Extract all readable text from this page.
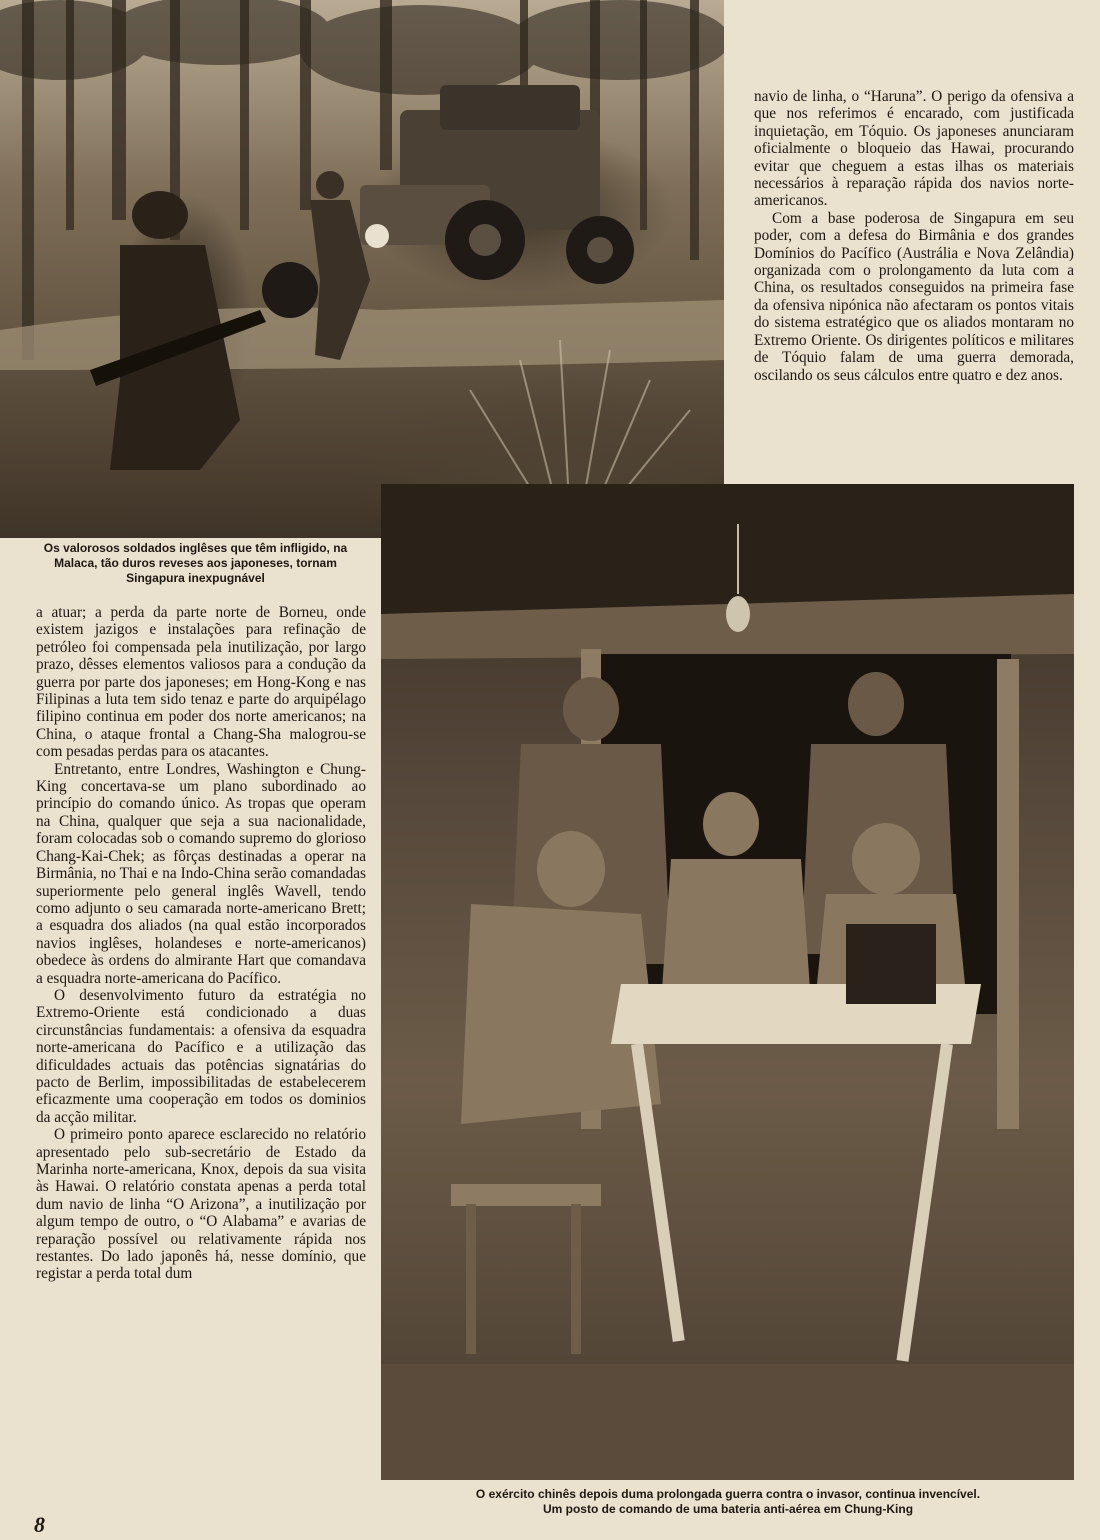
Os valorosos soldados inglêses que têm infligido, na Malaca, tão duros reveses aos japoneses, tornam Singapura inexpugnável

navio de linha, o “Haruna”. O perigo da ofensiva a que nos referimos é encarado, com justificada inquietação, em Tóquio. Os japoneses anunciaram oficialmente o bloqueio das Hawai, procurando evitar que cheguem a estas ilhas os materiais necessários à reparação rápida dos navios norte-americanos.

Com a base poderosa de Singapura em seu poder, com a defesa do Birmânia e dos grandes Domínios do Pacífico (Austrália e Nova Zelândia) organizada com o prolongamento da luta com a China, os resultados conseguidos na primeira fase da ofensiva nipónica não afectaram os pontos vitais do sistema estratégico que os aliados montaram no Extremo Oriente. Os dirigentes políticos e militares de Tóquio falam de uma guerra demorada, oscilando os seus cálculos entre quatro e dez anos.

a atuar; a perda da parte norte de Borneu, onde existem jazigos e instalações para refinação de petróleo foi compensada pela inutilização, por largo prazo, dêsses elementos valiosos para a condução da guerra por parte dos japoneses; em Hong-Kong e nas Filipinas a luta tem sido tenaz e parte do arquipélago filipino continua em poder dos norte americanos; na China, o ataque frontal a Chang-Sha malogrou-se com pesadas perdas para os atacantes.

Entretanto, entre Londres, Washington e Chung-King concertava-se um plano subordinado ao princípio do comando único. As tropas que operam na China, qualquer que seja a sua nacionalidade, foram colocadas sob o comando supremo do glorioso Chang-Kai-Chek; as fôrças destinadas a operar na Birmânia, no Thai e na Indo-China serão comandadas superiormente pelo general inglês Wavell, tendo como adjunto o seu camarada norte-americano Brett; a esquadra dos aliados (na qual estão incorporados navios inglêses, holandeses e norte-americanos) obedece às ordens do almirante Hart que comandava a esquadra norte-americana do Pacífico.

O desenvolvimento futuro da estratégia no Extremo-Oriente está condicionado a duas circunstâncias fundamentais: a ofensiva da esquadra norte-americana do Pacífico e a utilização das dificuldades actuais das potências signatárias do pacto de Berlim, impossibilitadas de estabelecerem eficazmente uma cooperação em todos os dominios da acção militar.

O primeiro ponto aparece esclarecido no relatório apresentado pelo sub-secretário de Estado da Marinha norte-americana, Knox, depois da sua visita às Hawai. O relatório constata apenas a perda total dum navio de linha “O Arizona”, a inutilização por algum tempo de outro, o “O Alabama” e avarias de reparação possível ou relativamente rápida nos restantes. Do lado japonês há, nesse domínio, que registar a perda total dum

O exército chinês depois duma prolongada guerra contra o invasor, continua invencível.
Um posto de comando de uma bateria anti-aérea em Chung-King

8
